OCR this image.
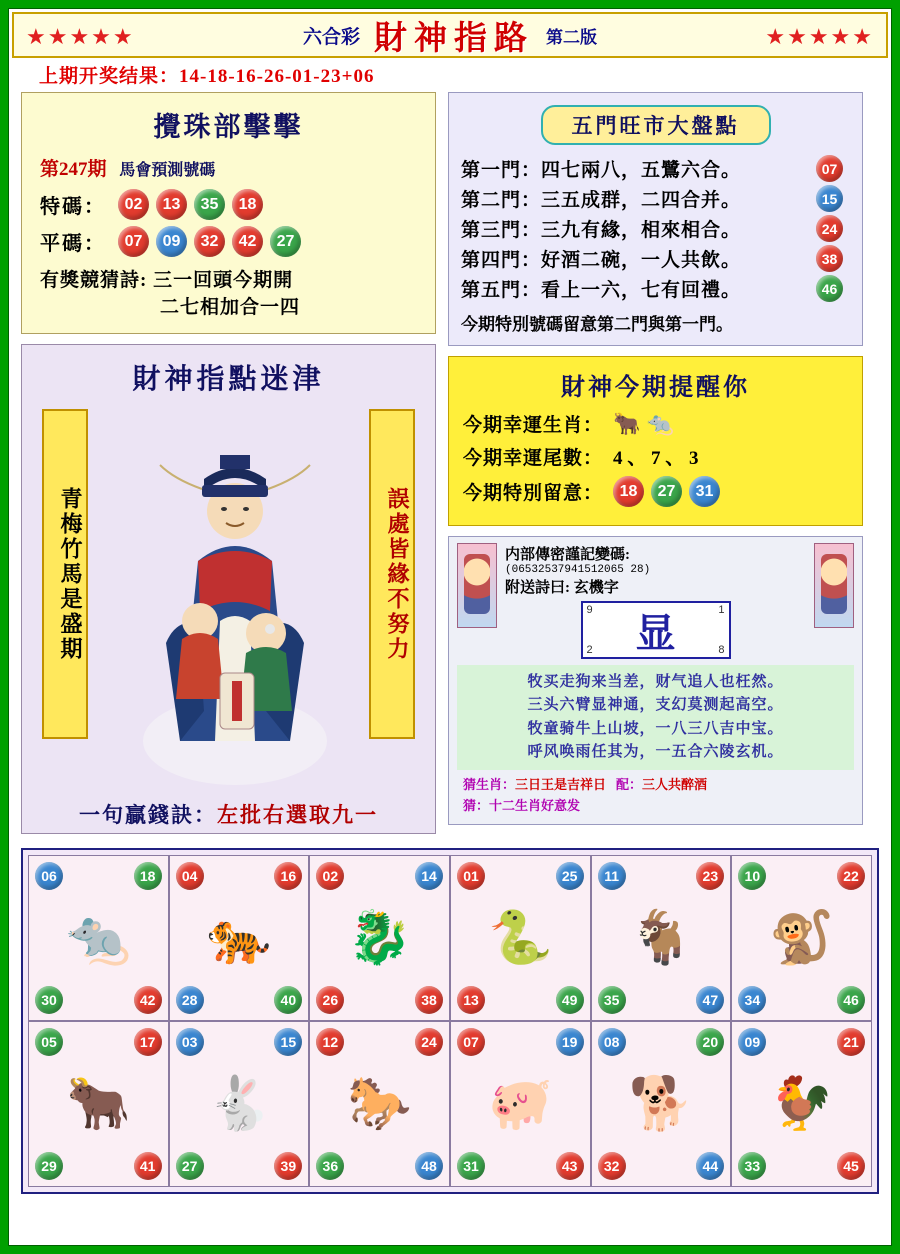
★★★★★	六合彩 財神指路 第二版	★★★★★
上期开奖结果：14-18-16-26-01-23+06
攪珠部擊擊
第247期 馬會預測號碼
特碼：	02 13 35 18
平碼：	07 09 32 42 27
有獎競猜詩: 三一回頭今期開
二七相加合一四
財神指點迷津
青梅竹馬是盛期	誤處皆緣不努力
一句贏錢訣：左批右選取九一
五門旺市大盤點
第一門：四七兩八，五鷺六合。	07
第二門：三五成群，二四合并。	15
第三門：三九有緣，相來相合。	24
第四門：好酒二碗，一人共飲。	38
第五門：看上一六，七有回禮。	46
今期特別號碼留意第二門與第一門。
財神今期提醒你
今期幸運生肖： 🐂 🐀
今期幸運尾數： 4 、 7 、 3
今期特別留意：	18 27 31
内部傳密謹記變碼:
(06532537941512065 28)
附送詩曰: 玄機字
9	1
显
2	8
牧买走狗来当差，财气追人也枉然。
三头六臂显神通，支幻莫测起高空。
牧童骑牛上山坡，一八三八吉中宝。
呼风唤雨任其为，一五合六陵玄机。
猜生肖：三日王是吉祥日 配：三人共醉酒
猜：十二生肖好意发
06	18
30	42
🐀
04	16
28	40
🐅
02	14
26	38
🐉
01	25
13	49
🐍
11	23
35	47
🐐
10	22
34	46
🐒
05	17
29	41
🐂
03	15
27	39
🐇
12	24
36	48
🐎
07	19
31	43
🐖
08	20
32	44
🐕
09	21
33	45
🐓
